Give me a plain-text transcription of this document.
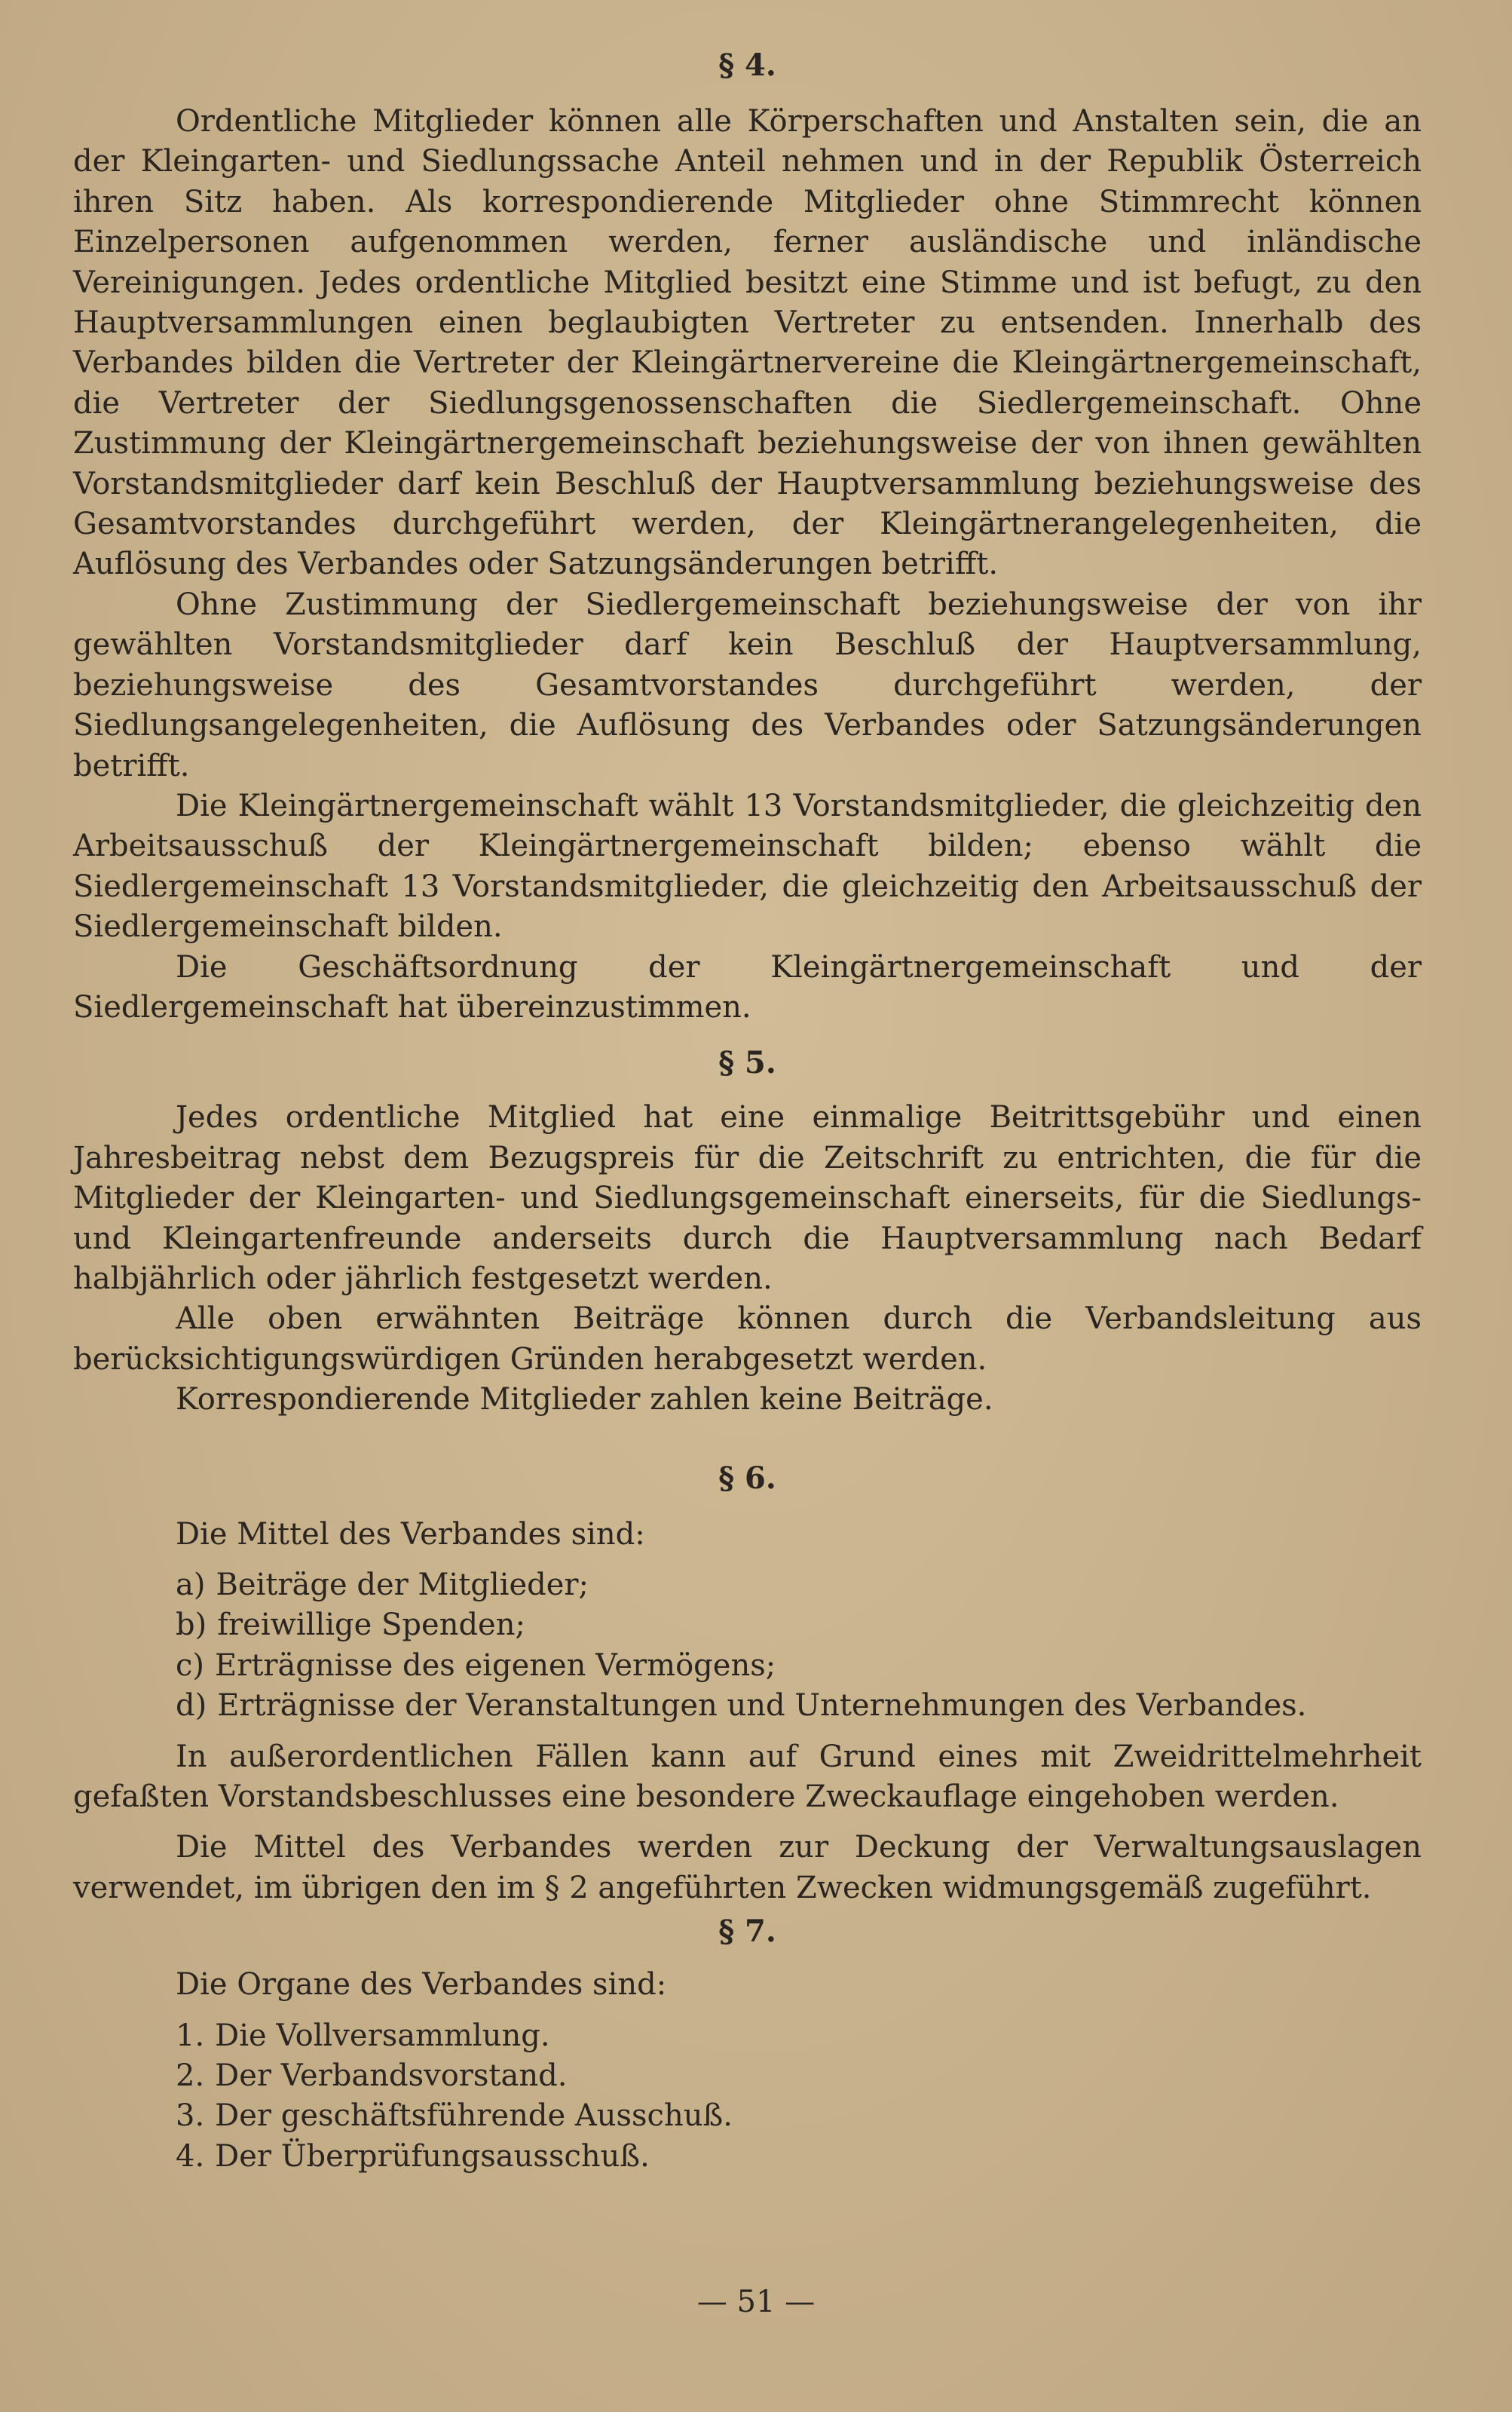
§ 4.

Ordentliche Mitglieder können alle Körperschaften und Anstalten sein, die an der Kleingarten- und Siedlungssache Anteil nehmen und in der Republik Österreich ihren Sitz haben. Als korrespondierende Mitglieder ohne Stimmrecht können Einzelpersonen aufgenommen werden, ferner ausländische und inländische Vereinigungen. Jedes ordentliche Mitglied besitzt eine Stimme und ist befugt, zu den Hauptversammlungen einen beglaubigten Vertreter zu entsenden. Innerhalb des Verbandes bilden die Vertreter der Kleingärtnervereine die Kleingärtnergemeinschaft, die Vertreter der Siedlungsgenossenschaften die Siedlergemeinschaft. Ohne Zustimmung der Kleingärtnergemeinschaft beziehungsweise der von ihnen gewählten Vorstandsmitglieder darf kein Beschluß der Hauptversammlung beziehungsweise des Gesamtvorstandes durchgeführt werden, der Kleingärtnerangelegenheiten, die Auflösung des Verbandes oder Satzungsänderungen betrifft.

Ohne Zustimmung der Siedlergemeinschaft beziehungsweise der von ihr gewählten Vorstandsmitglieder darf kein Beschluß der Hauptversammlung, beziehungsweise des Gesamtvorstandes durchgeführt werden, der Siedlungsangelegenheiten, die Auflösung des Verbandes oder Satzungsänderungen betrifft.

Die Kleingärtnergemeinschaft wählt 13 Vorstandsmitglieder, die gleichzeitig den Arbeitsausschuß der Kleingärtnergemeinschaft bilden; ebenso wählt die Siedlergemeinschaft 13 Vorstandsmitglieder, die gleichzeitig den Arbeitsausschuß der Siedlergemeinschaft bilden.

Die Geschäftsordnung der Kleingärtnergemeinschaft und der Siedlergemeinschaft hat übereinzustimmen.

§ 5.

Jedes ordentliche Mitglied hat eine einmalige Beitrittsgebühr und einen Jahresbeitrag nebst dem Bezugspreis für die Zeitschrift zu entrichten, die für die Mitglieder der Kleingarten- und Siedlungsgemeinschaft einerseits, für die Siedlungs- und Kleingartenfreunde anderseits durch die Hauptversammlung nach Bedarf halbjährlich oder jährlich festgesetzt werden.

Alle oben erwähnten Beiträge können durch die Verbandsleitung aus berücksichtigungswürdigen Gründen herabgesetzt werden.

Korrespondierende Mitglieder zahlen keine Beiträge.

§ 6.

Die Mittel des Verbandes sind:

a) Beiträge der Mitglieder;
b) freiwillige Spenden;
c) Erträgnisse des eigenen Vermögens;
d) Erträgnisse der Veranstaltungen und Unternehmungen des Verbandes.

In außerordentlichen Fällen kann auf Grund eines mit Zweidrittelmehrheit gefaßten Vorstandsbeschlusses eine besondere Zweckauflage eingehoben werden.

Die Mittel des Verbandes werden zur Deckung der Verwaltungsauslagen verwendet, im übrigen den im § 2 angeführten Zwecken widmungsgemäß zugeführt.

§ 7.

Die Organe des Verbandes sind:

1. Die Vollversammlung.
2. Der Verbandsvorstand.
3. Der geschäftsführende Ausschuß.
4. Der Überprüfungsausschuß.
— 51 —
